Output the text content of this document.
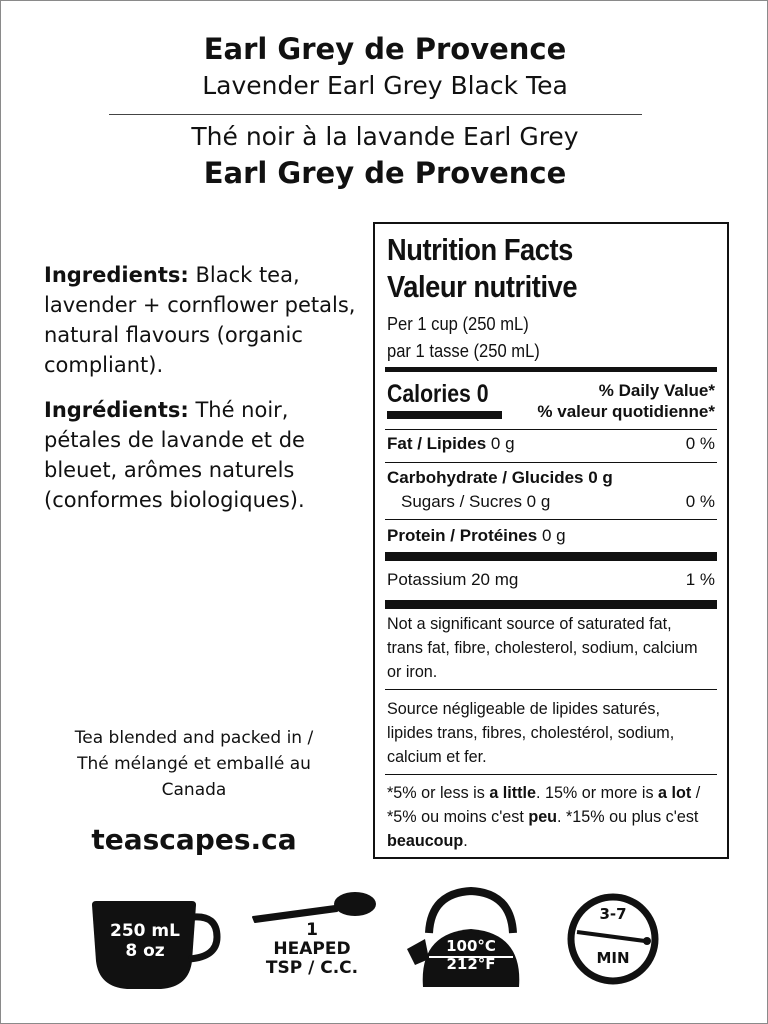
Earl Grey de Provence
Lavender Earl Grey Black Tea
Thé noir à la lavande Earl Grey
Earl Grey de Provence
Ingredients: Black tea, lavender + cornflower petals, natural flavours (organic compliant).
Ingrédients: Thé noir, pétales de lavande et de bleuet, arômes naturels (conformes biologiques).
Tea blended and packed in /
Thé mélangé et emballé au
Canada
teascapes.ca
Nutrition Facts
Valeur nutritive
Per 1 cup (250 mL)
par 1 tasse (250 mL)
Calories 0	% Daily Value*
% valeur quotidienne*
Fat / Lipides 0 g	0 %
Carbohydrate / Glucides 0 g
Sugars / Sucres 0 g	0 %
Protein / Protéines 0 g
Potassium 20 mg	1 %
Not a significant source of saturated fat, trans fat, fibre, cholesterol, sodium, calcium or iron.
Source négligeable de lipides saturés, lipides trans, fibres, cholestérol, sodium, calcium et fer.
*5% or less is a little. 15% or more is a lot / *5% ou moins c'est peu. *15% ou plus c'est beaucoup.
250 mL
8 oz
1
HEAPED
TSP / C.C.
100°C
212°F
3-7
MIN
